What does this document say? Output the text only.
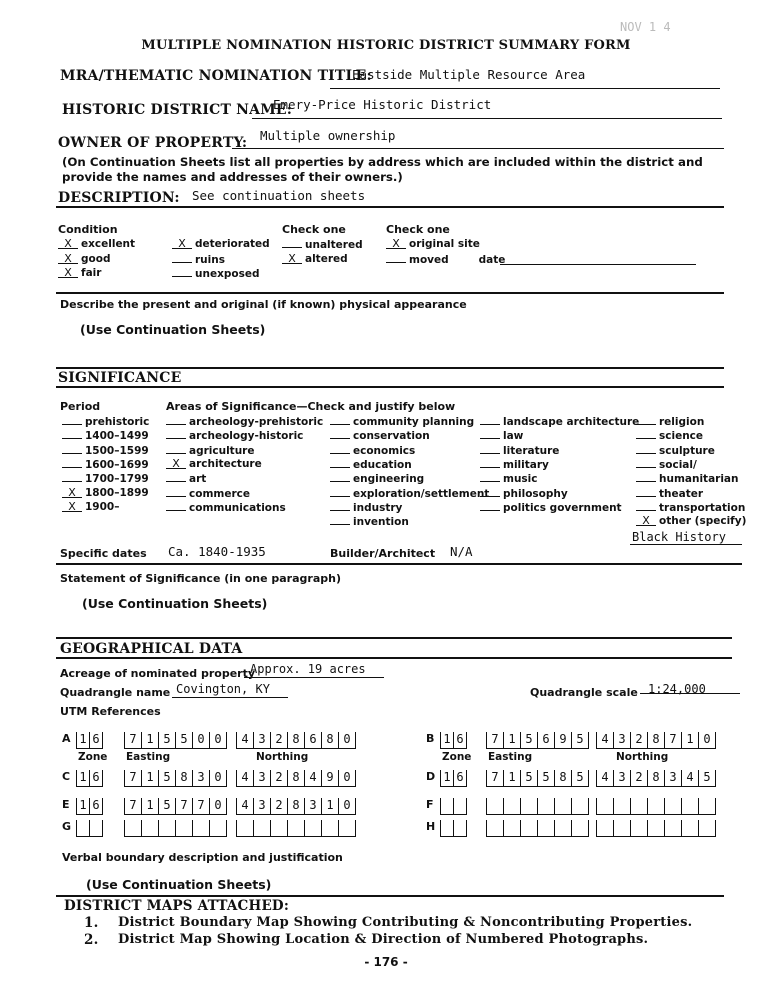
NOV 1 4
MULTIPLE NOMINATION HISTORIC DISTRICT SUMMARY FORM
MRA/THEMATIC NOMINATION TITLE:
Eastside Multiple Resource Area
HISTORIC DISTRICT NAME:
Emery-Price Historic District
OWNER OF PROPERTY: Multiple ownership
(On Continuation Sheets list all properties by address which are included within the district and
provide the names and addresses of their owners.)
DESCRIPTION: See continuation sheets
Condition
X excellent
X good
X fair
X deteriorated
ruins
unexposed
Check one
unaltered
X altered
Check one
X original site
moved	date
Describe the present and original (if known) physical appearance
(Use Continuation Sheets)
SIGNIFICANCE
Period	Areas of Significance—Check and justify below
prehistoric
1400–1499
1500–1599
1600–1699
1700–1799
X 1800–1899
X 1900–
archeology-prehistoric
archeology-historic
agriculture
X architecture
art
commerce
communications
community planning
conservation
economics
education
engineering
exploration/settlement
industry
invention
landscape architecture
law
literature
military
music
philosophy
politics government
religion
science
sculpture
social/
humanitarian
theater
transportation
X other (specify)
Black History
Specific dates Ca. 1840-1935	Builder/Architect N/A
Statement of Significance (in one paragraph)
(Use Continuation Sheets)
GEOGRAPHICAL DATA
Acreage of nominated property
Approx. 19 acres
Quadrangle name Covington, KY	Quadrangle scale 1:24,000
UTM References
A 1 6	7 1 5 5 0 0	4 3 2 8 6 8 0
C 1 6	7 1 5 8 3 0	4 3 2 8 4 9 0
E 1 6	7 1 5 7 7 0	4 3 2 8 3 1 0
G
B 1 6	7 1 5 6 9 5	4 3 2 8 7 1 0
D 1 6	7 1 5 5 8 5	4 3 2 8 3 4 5
F
H
Zone Easting	Northing	Zone Easting	Northing
Verbal boundary description and justification
(Use Continuation Sheets)
DISTRICT MAPS ATTACHED:
1. District Boundary Map Showing Contributing & Noncontributing Properties.
2. District Map Showing Location & Direction of Numbered Photographs.
- 176 -
